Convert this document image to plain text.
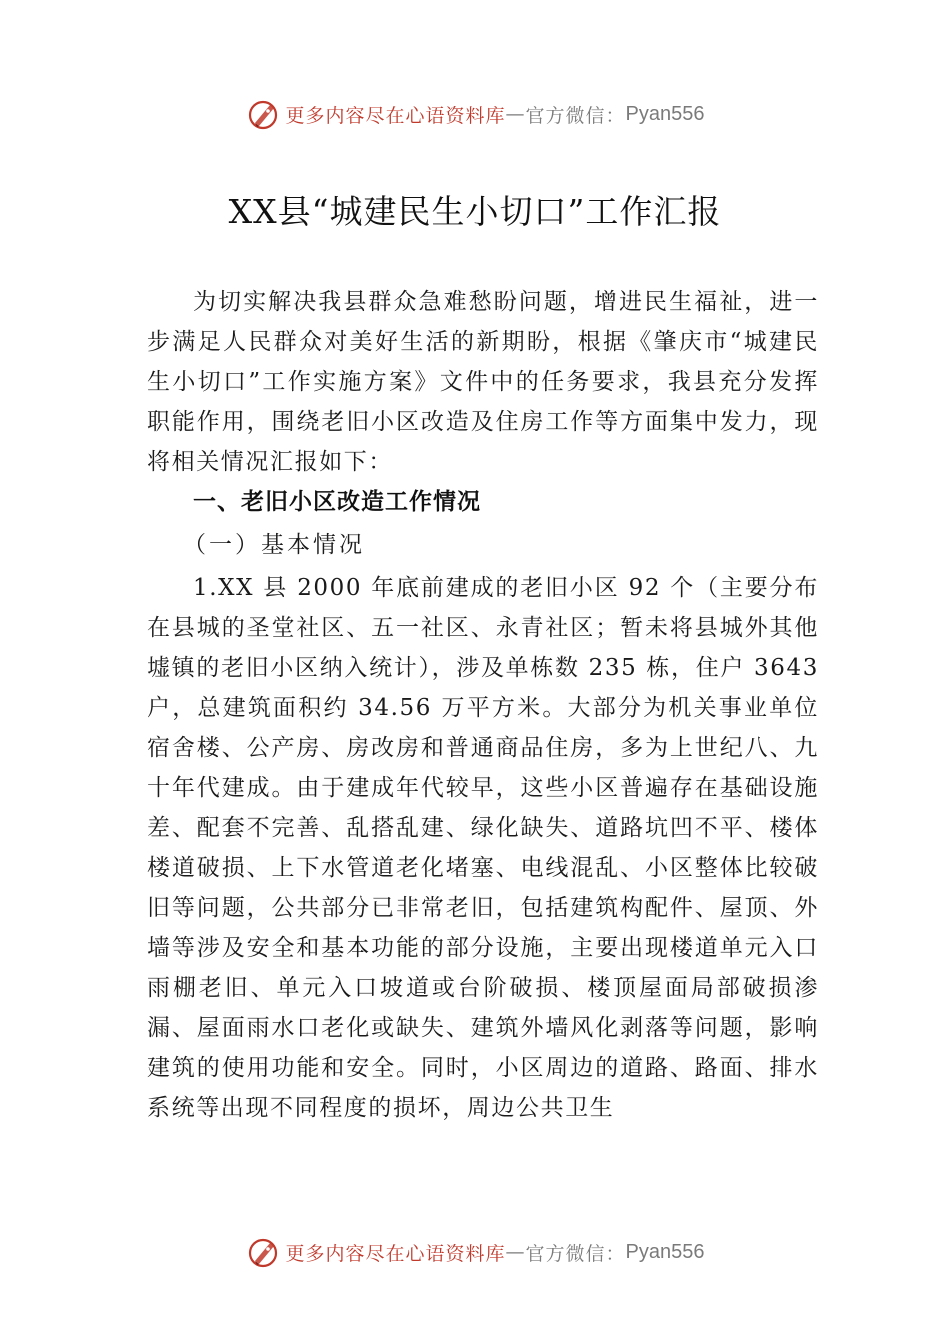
更多内容尽在心语资料库 — 官方微信： Pyan556
XX县“城建民生小切口”工作汇报

为切实解决我县群众急难愁盼问题，增进民生福祉，进一步满足人民群众对美好生活的新期盼，根据《肇庆市“城建民生小切口”工作实施方案》文件中的任务要求，我县充分发挥职能作用，围绕老旧小区改造及住房工作等方面集中发力，现将相关情况汇报如下：

一、老旧小区改造工作情况
（一）基本情况

1.XX 县 2000 年底前建成的老旧小区 92 个（主要分布在县城的圣堂社区、五一社区、永青社区；暂未将县城外其他墟镇的老旧小区纳入统计），涉及单栋数 235 栋，住户 3643 户，总建筑面积约 34.56 万平方米。大部分为机关事业单位宿舍楼、公产房、房改房和普通商品住房，多为上世纪八、九十年代建成。由于建成年代较早，这些小区普遍存在基础设施差、配套不完善、乱搭乱建、绿化缺失、道路坑凹不平、楼体楼道破损、上下水管道老化堵塞、电线混乱、小区整体比较破旧等问题，公共部分已非常老旧，包括建筑构配件、屋顶、外墙等涉及安全和基本功能的部分设施，主要出现楼道单元入口雨棚老旧、单元入口坡道或台阶破损、楼顶屋面局部破损渗漏、屋面雨水口老化或缺失、建筑外墙风化剥落等问题，影响建筑的使用功能和安全。同时，小区周边的道路、路面、排水系统等出现不同程度的损坏，周边公共卫生

更多内容尽在心语资料库 — 官方微信： Pyan556
